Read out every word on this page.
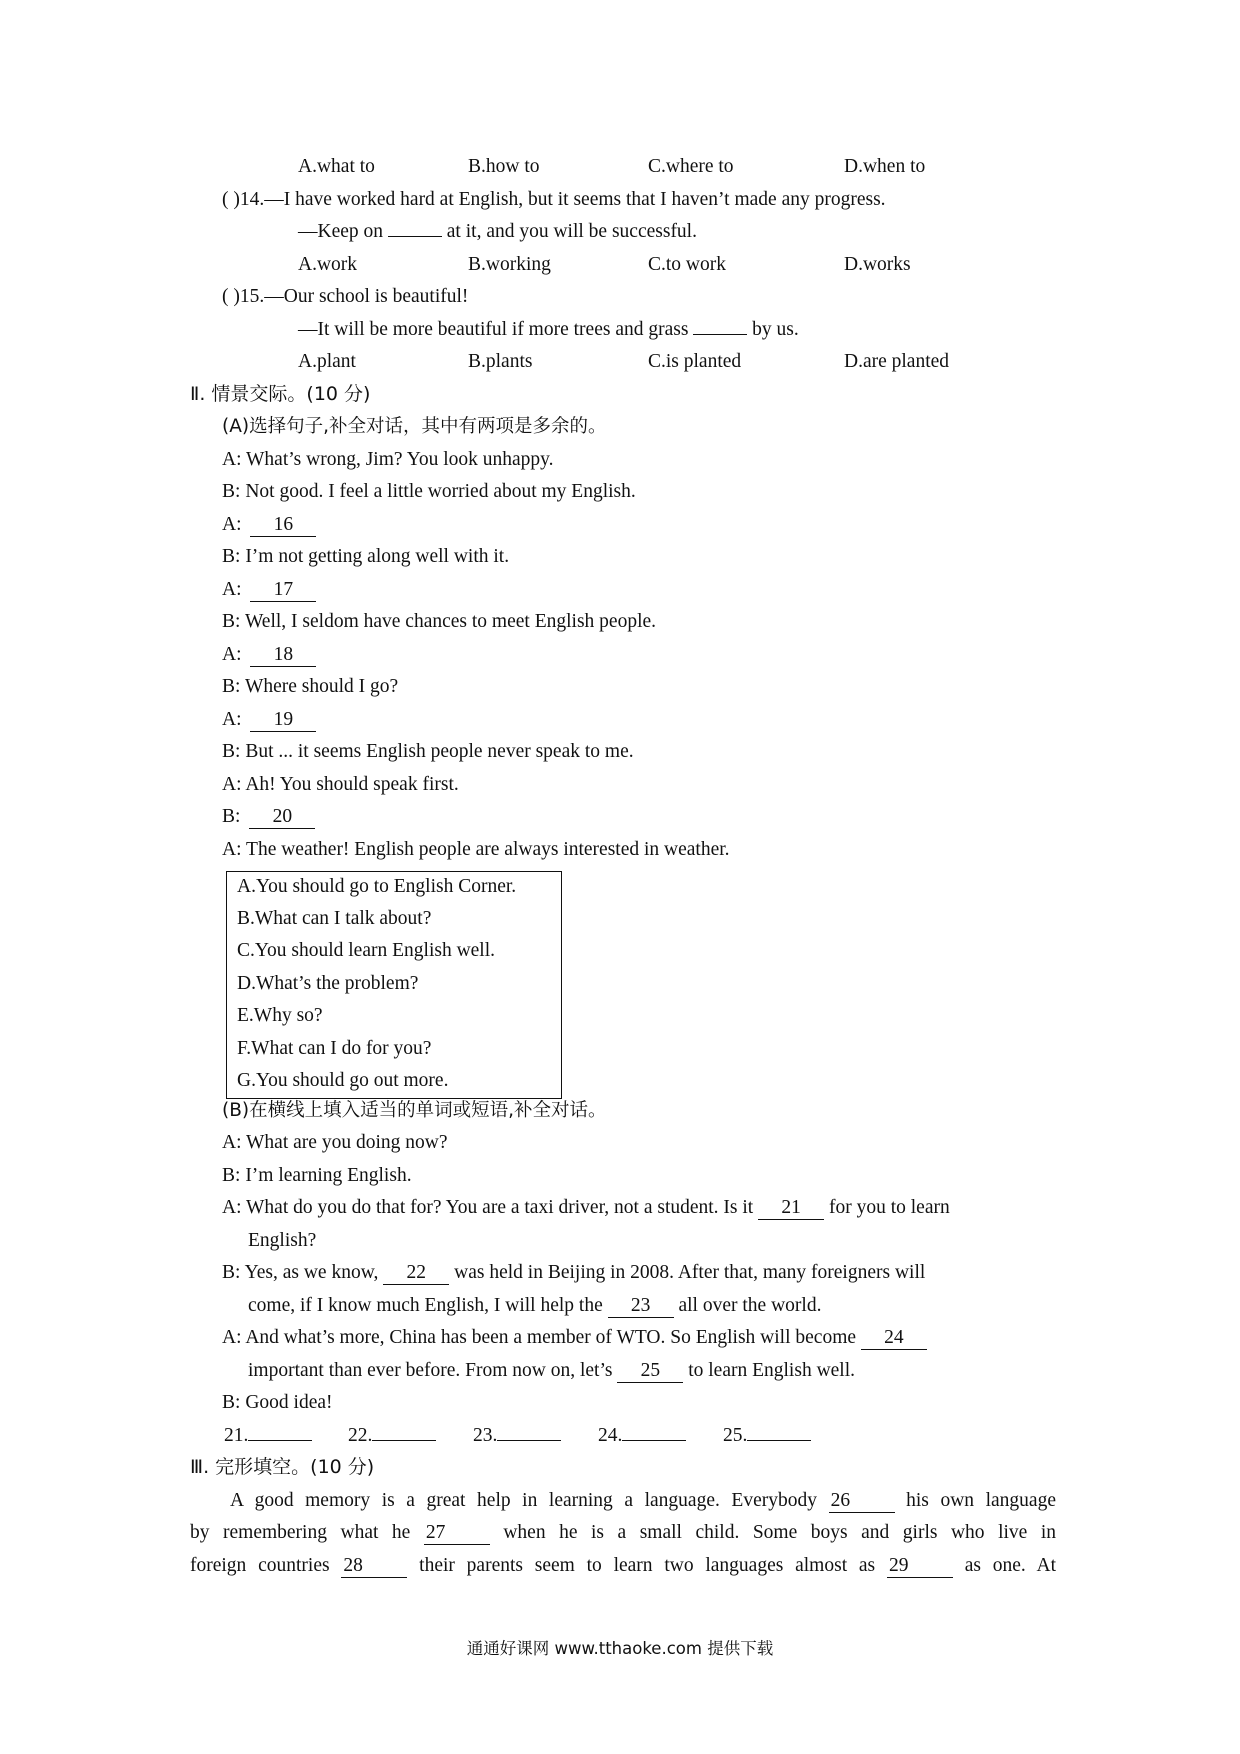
A.what to	B.how to	C.where to	D.when to
( )14.—I have worked hard at English, but it seems that I haven’t made any progress.
—Keep on	at it, and you will be successful.
A.work	B.working	C.to work	D.works
( )15.—Our school is beautiful!
—It will be more beautiful if more trees and grass	by us.
A.plant	B.plants	C.is planted	D.are planted
Ⅱ. 情景交际。(10 分)
(A)选择句子,补全对话，其中有两项是多余的。
A: What’s wrong, Jim? You look unhappy.
B: Not good. I feel a little worried about my English.
A: 16
B: I’m not getting along well with it.
A: 17
B: Well, I seldom have chances to meet English people.
A: 18
B: Where should I go?
A: 19
B: But ... it seems English people never speak to me.
A: Ah! You should speak first.
B: 20
A: The weather! English people are always interested in weather.
A.You should go to English Corner.
B.What can I talk about?
C.You should learn English well.
D.What’s the problem?
E.Why so?
F.What can I do for you?
G.You should go out more.
(B)在横线上填入适当的单词或短语,补全对话。
A: What are you doing now?
B: I’m learning English.
A: What do you do that for? You are a taxi driver, not a student. Is it 21 for you to learn
English?
B: Yes, as we know, 22 was held in Beijing in 2008. After that, many foreigners will
come, if I know much English, I will help the 23 all over the world.
A: And what’s more, China has been a member of WTO. So English will become 24
important than ever before. From now on, let’s 25 to learn English well.
B: Good idea!
21.	22.	23.	24.	25.
Ⅲ. 完形填空。(10 分)
A good memory is a great help in learning a language. Everybody 26 his own language
by remembering what he 27 when he is a small child. Some boys and girls who live in
foreign countries 28 their parents seem to learn two languages almost as 29 as one. At
通通好课网 www.tthaoke.com 提供下载
